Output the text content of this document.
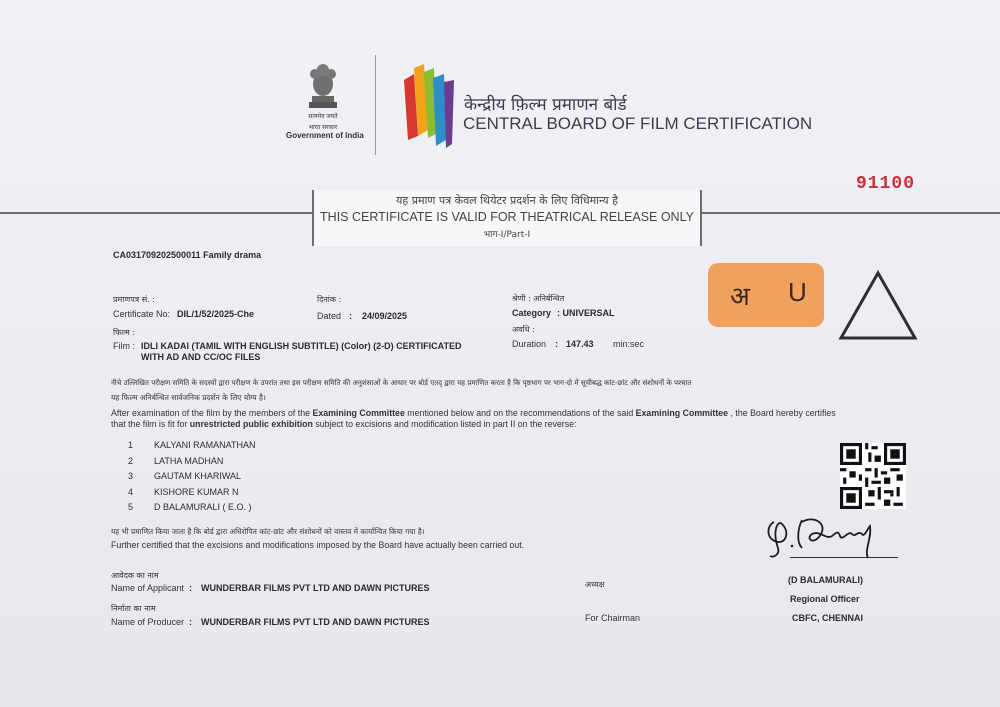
सत्यमेव जयते
भारत सरकार
Government of India
केन्द्रीय फ़िल्म प्रमाणन बोर्ड
CENTRAL BOARD OF FILM CERTIFICATION
91100
यह प्रमाण पत्र केवल थियेटर प्रदर्शन के लिए विधिमान्य है
THIS CERTIFICATE IS VALID FOR THEATRICAL RELEASE ONLY
भाग-I/Part-I
CA031709202500011 Family drama
प्रमाणपत्र सं. :
Certificate No: DIL/1/52/2025-Che
दिनांक :
Dated : 24/09/2025
श्रेणी : अनिर्बन्धित
Category : UNIVERSAL
अवधि :
Duration : 147.43 min:sec
अ U
फिल्म :
Film : IDLI KADAI (TAMIL WITH ENGLISH SUBTITLE) (Color) (2-D) CERTIFICATED
WITH AD AND CC/OC FILES
नीचे उल्लिखित परीक्षण समिति के सदस्यों द्वारा परीक्षण के उपरांत तथा इस परीक्षण समिति की अनुशंसाओं के आधार पर बोर्ड एतद् द्वारा यह प्रमाणित करता है कि पृष्ठभाग पर भाग-दो में सूचीबद्ध कांट-छांट और संशोधनों के पश्चात
यह फिल्म अनिर्बन्धित सार्वजनिक प्रदर्शन के लिए योग्य है।
After examination of the film by the members of the Examining Committee mentioned below and on the recommendations of the said Examining Committee , the Board hereby certifies
that the film is fit for unrestricted public exhibition subject to excisions and modification listed in part II on the reverse:
1	KALYANI RAMANATHAN
2	LATHA MADHAN
3	GAUTAM KHARIWAL
4	KISHORE KUMAR N
5	D BALAMURALI ( E.O. )
यह भी प्रमाणित किया जाता है कि बोर्ड द्वारा अधिरोपित कांट-छांट और संशोधनों को वास्तव में कार्यान्वित किया गया है।
Further certified that the excisions and modifications imposed by the Board have actually been carried out.
आवेदक का नाम
Name of Applicant : WUNDERBAR FILMS PVT LTD AND DAWN PICTURES
निर्माता का नाम
Name of Producer : WUNDERBAR FILMS PVT LTD AND DAWN PICTURES
अध्यक्ष
For Chairman
(D BALAMURALI)
Regional Officer
CBFC, CHENNAI
